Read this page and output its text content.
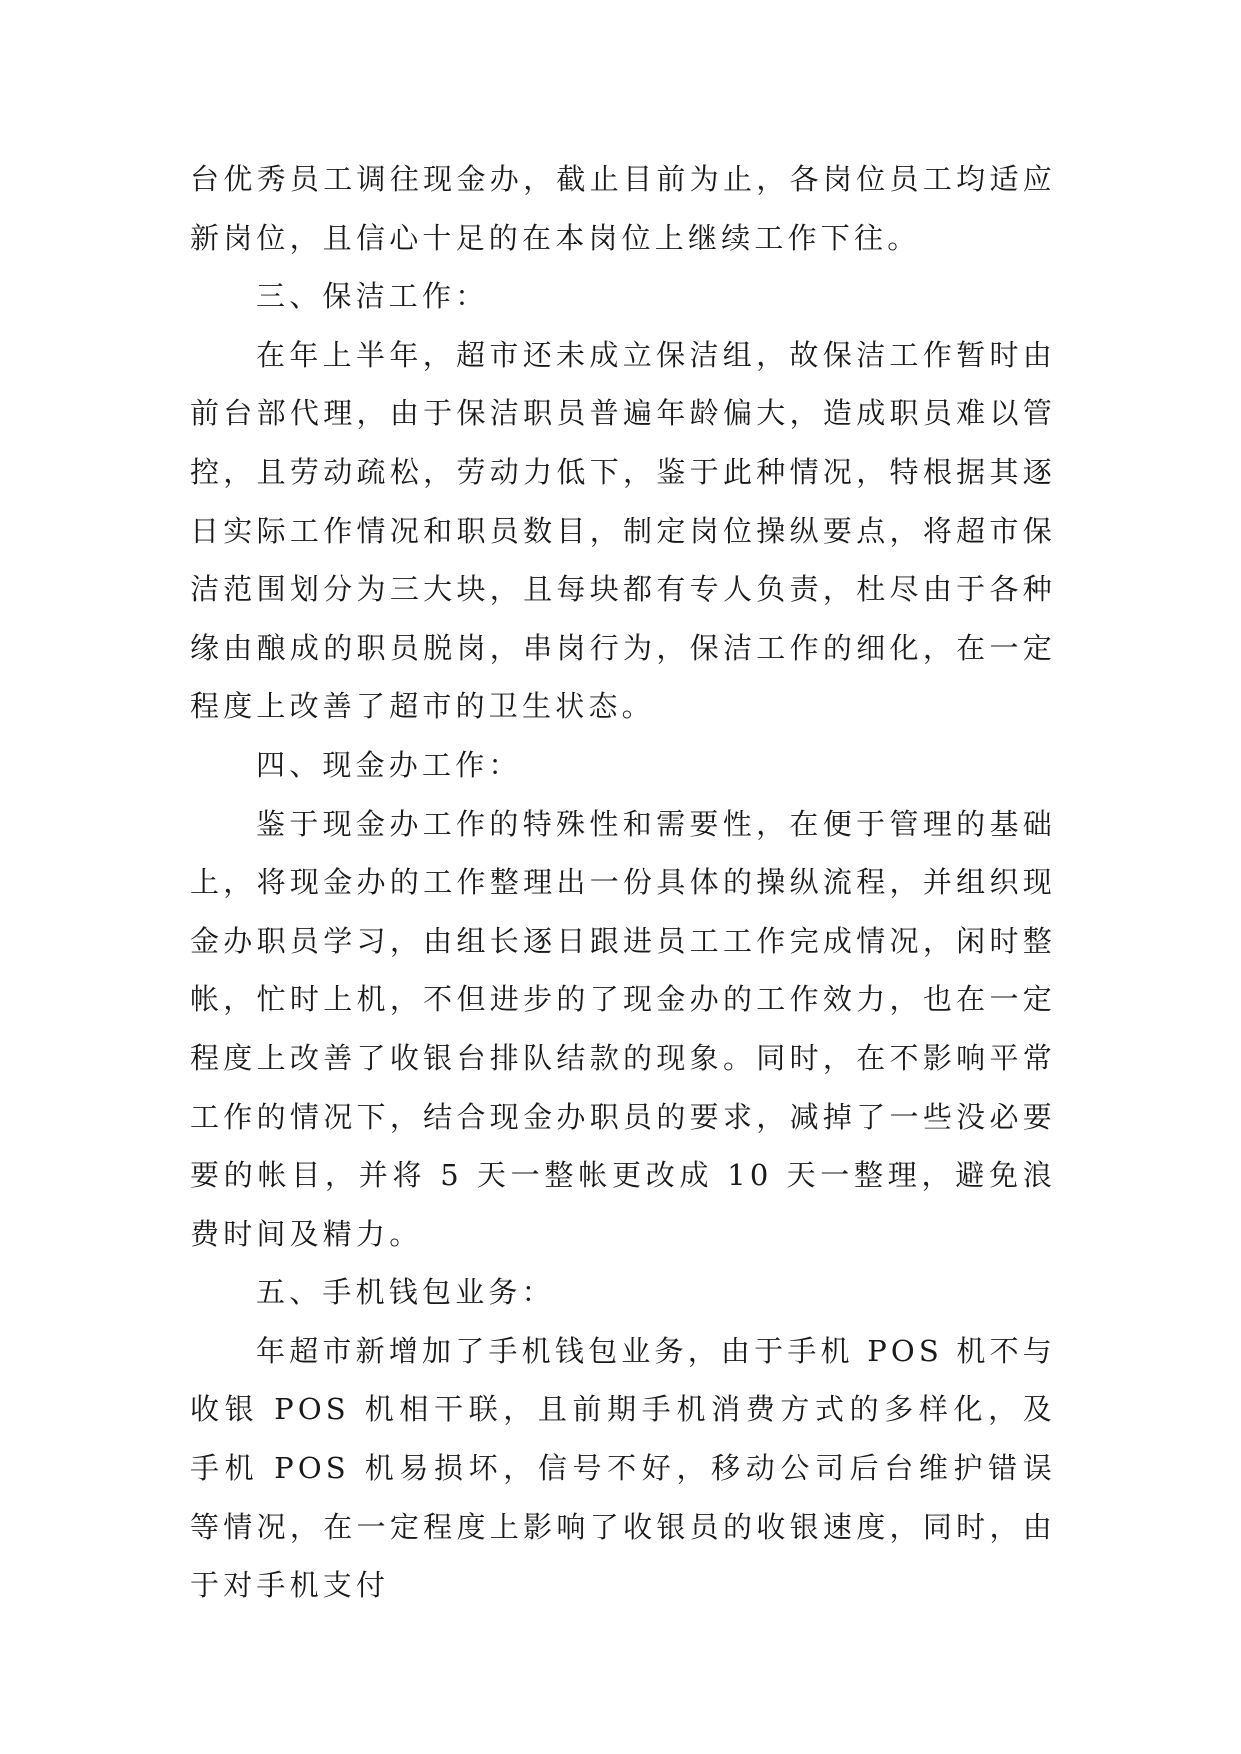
台优秀员工调往现金办，截止目前为止，各岗位员工均适应新岗位，且信心十足的在本岗位上继续工作下往。

三、保洁工作：

在年上半年，超市还未成立保洁组，故保洁工作暂时由前台部代理，由于保洁职员普遍年龄偏大，造成职员难以管控，且劳动疏松，劳动力低下，鉴于此种情况，特根据其逐日实际工作情况和职员数目，制定岗位操纵要点，将超市保洁范围划分为三大块，且每块都有专人负责，杜尽由于各种缘由酿成的职员脱岗，串岗行为，保洁工作的细化，在一定程度上改善了超市的卫生状态。

四、现金办工作：

鉴于现金办工作的特殊性和需要性，在便于管理的基础上，将现金办的工作整理出一份具体的操纵流程，并组织现金办职员学习，由组长逐日跟进员工工作完成情况，闲时整帐，忙时上机，不但进步的了现金办的工作效力，也在一定程度上改善了收银台排队结款的现象。同时，在不影响平常工作的情况下，结合现金办职员的要求，减掉了一些没必要要的帐目，并将 5 天一整帐更改成 10 天一整理，避免浪费时间及精力。

五、手机钱包业务：

年超市新增加了手机钱包业务，由于手机 POS 机不与收银 POS 机相干联，且前期手机消费方式的多样化，及手机 POS 机易损坏，信号不好，移动公司后台维护错误等情况，在一定程度上影响了收银员的收银速度，同时，由于对手机支付
